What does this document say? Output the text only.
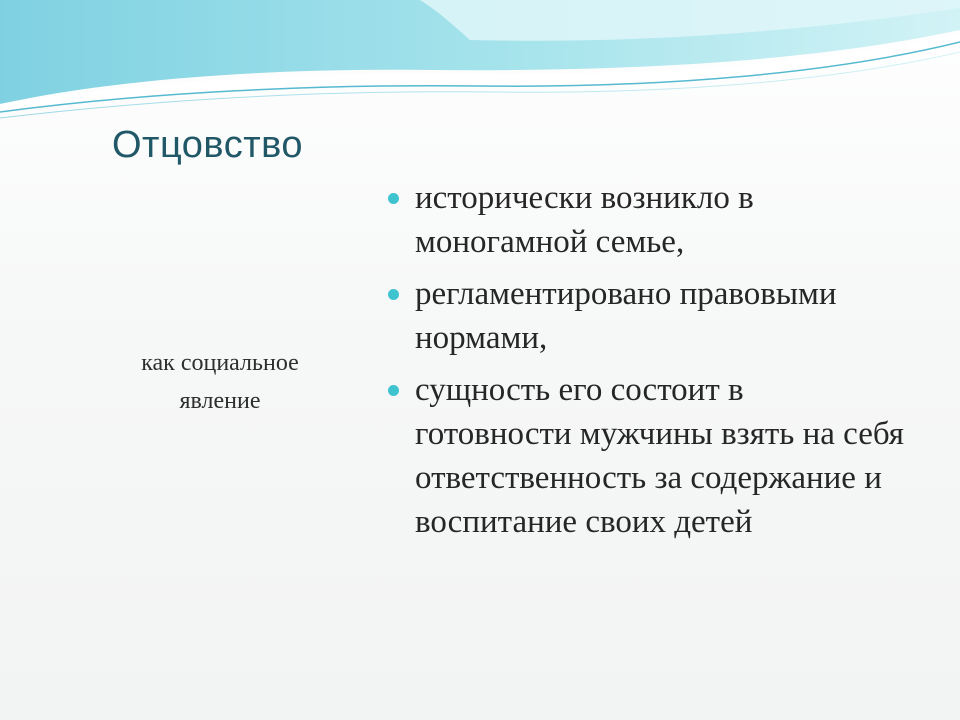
Отцовство

как социальное
явление

исторически возникло в моногамной семье,
регламентировано правовыми нормами,
сущность его состоит в готовности мужчины взять на себя ответственность за содержание и воспитание своих детей
